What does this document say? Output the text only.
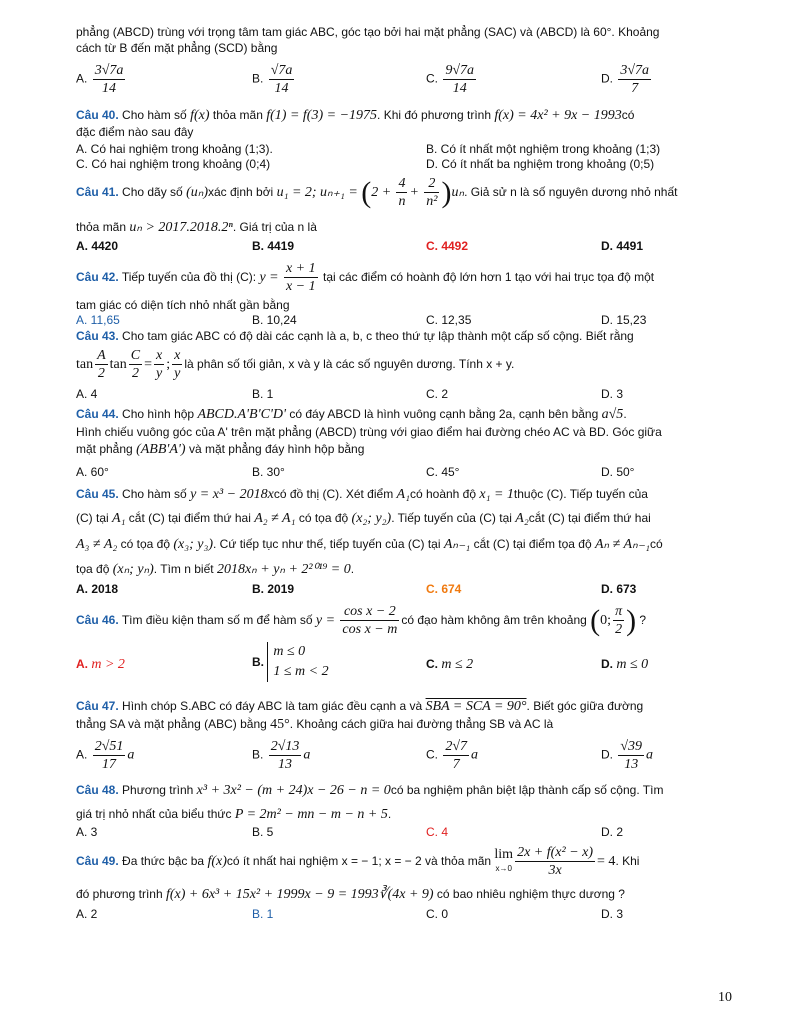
phẳng (ABCD) trùng với trọng tâm tam giác ABC, góc tạo bởi hai mặt phẳng (SAC) và (ABCD) là 60°. Khoảng
cách từ B đến mặt phẳng (SCD) bằng
A. $\frac{3√7a}{14}$	B. $\frac{√7a}{14}$	C. $\frac{9√7a}{14}$	D. $\frac{3√7a}{7}$
Câu 40. Cho hàm số f(x) thỏa mãn f(1) = f(3) = −1975. Khi đó phương trình f(x) = 4x² + 9x − 1993có
đặc điểm nào sau đây
A. Có hai nghiệm trong khoảng (1;3).	B. Có ít nhất một nghiệm trong khoảng (1;3)
C. Có hai nghiệm trong khoảng (0;4)	D. Có ít nhất ba nghiệm trong khoảng (0;5)
Câu 41. Cho dãy số (uₙ)xác định bởi u₁ = 2; $u_{n+1} = (2 + \frac{4}{n} + \frac{2}{\text{n²}} )u_n$. Giả sử n là số nguyên dương nhỏ nhất
thỏa mãn uₙ > 2017.2018.2ⁿ. Giá trị của n là
A. 4420	B. 4419	C. 4492	D. 4491
Câu 42. Tiếp tuyến của đồ thị (C): $y = \frac{x + 1}{x - 1}$ tại các điểm có hoành độ lớn hơn 1 tạo với hai trục tọa độ một
tam giác có diện tích nhỏ nhất gần bằng
A. 11,65	B. 10,24	C. 12,35	D. 15,23
Câu 43. Cho tam giác ABC có độ dài các cạnh là a, b, c theo thứ tự lập thành một cấp số cộng. Biết rằng
$\tan \frac{A}{2}$ $\tan \frac{C}{2} = \frac{x}{y}$ ; $\frac{x}{y}$ là phân số tối giản, x và y là các số nguyên dương. Tính x + y.
A. 4	B. 1	C. 2	D. 3
Câu 44. Cho hình hộp ABCD.A'B'C'D' có đáy ABCD là hình vuông cạnh bằng 2a, cạnh bên bằng a√5.
Hình chiếu vuông góc của A' trên mặt phẳng (ABCD) trùng với giao điểm hai đường chéo AC và BD. Góc giữa
mặt phẳng (ABB'A') và mặt phẳng đáy hình hộp bằng
A. 60°	B. 30°	C. 45°	D. 50°
Câu 45. Cho hàm số y = x³ − 2018xcó đồ thị (C). Xét điểm A₁có hoành độ x₁ = 1thuộc (C). Tiếp tuyến của
(C) tại A₁ cắt (C) tại điểm thứ hai A₂ ≠ A₁ có tọa độ (x₂; y₂). Tiếp tuyến của (C) tại A₂cắt (C) tại điểm thứ hai
A₃ ≠ A₂ có tọa độ (x₃; y₃). Cứ tiếp tục như thế, tiếp tuyến của (C) tại Aₙ₋₁ cắt (C) tại điểm tọa độ Aₙ ≠ Aₙ₋₁có
tọa độ (xₙ; yₙ). Tìm n biết 2018xₙ + yₙ + 2²⁰¹⁹ = 0.
A. 2018	B. 2019	C. 674	D. 673
Câu 46. Tìm điều kiện tham số m để hàm số $y = \frac{\text{cos x − 2}}{\text{cos x − m}}$ có đạo hàm không âm trên khoảng (0; $\frac{\pi}{2}$ ) ?
A. m > 2	B.
m ≤ 0
1 ≤ m < 2	C. m ≤ 2	D. m ≤ 0
Câu 47. Hình chóp S.ABC có đáy ABC là tam giác đều cạnh a và SBA = SCA = 90°. Biết góc giữa đường
thẳng SA và mặt phẳng (ABC) bằng 45°. Khoảng cách giữa hai đường thẳng SB và AC là
A. $\frac{2√51}{17}$ a	B. $\frac{2√13}{13}$ a	C. $\frac{2√7}{7}$ a	D. $\frac{√39}{13}$ a
Câu 48. Phương trình x³ + 3x² − (m + 24)x − 26 − n = 0có ba nghiệm phân biệt lập thành cấp số cộng. Tìm
giá trị nhỏ nhất của biểu thức P = 2m² − mn − m − n + 5.
A. 3	B. 5	C. 4	D. 2
Câu 49. Đa thức bậc ba f(x)có ít nhất hai nghiệm x = − 1; x = − 2 và thỏa mãn lim
$x\to 0 \frac{\text{2x + f(x² − x)}}{3x} = 4$. Khi
đó phương trình f(x) + 6x³ + 15x² + 1999x − 9 = 1993∛(4x + 9) có bao nhiêu nghiệm thực dương ?
A. 2	B. 1	C. 0	D. 3
10
